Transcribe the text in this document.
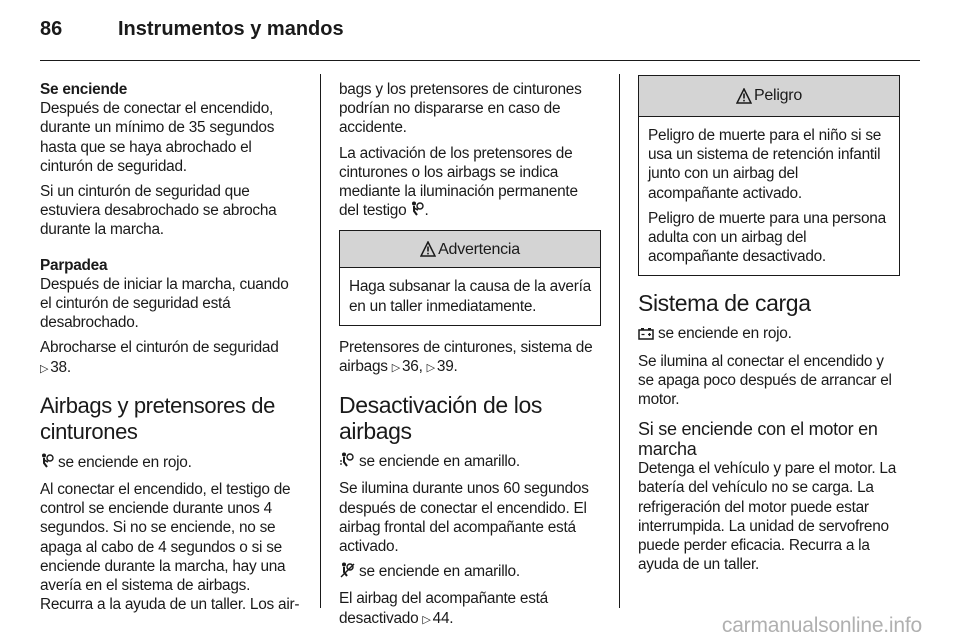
86	Instrumentos y mandos
Se enciende

Después de conectar el encendido, durante un mínimo de 35 segundos hasta que se haya abrochado el cinturón de seguridad.

Si un cinturón de seguridad que estuviera desabrochado se abrocha durante la marcha.

Parpadea

Después de iniciar la marcha, cuando el cinturón de seguridad está desabrochado.

Abrocharse el cinturón de seguridad
▷ 38.

Airbags y pretensores de cinturones

se enciende en rojo.

Al conectar el encendido, el testigo de control se enciende durante unos 4 segundos. Si no se enciende, no se apaga al cabo de 4 segundos o si se enciende durante la marcha, hay una avería en el sistema de airbags. Recurra a la ayuda de un taller. Los air-

bags y los pretensores de cinturones podrían no dispararse en caso de accidente.

La activación de los pretensores de cinturones o los airbags se indica mediante la iluminación permanente del testigo .

Advertencia

Haga subsanar la causa de la avería en un taller inmediatamente.

Pretensores de cinturones, sistema de airbags ▷ 36, ▷ 39.

Desactivación de los airbags

se enciende en amarillo.

Se ilumina durante unos 60 segundos después de conectar el encendido. El airbag frontal del acompañante está activado.

se enciende en amarillo.

El airbag del acompañante está desactivado ▷ 44.

Peligro

Peligro de muerte para el niño si se usa un sistema de retención infantil junto con un airbag del acompañante activado.

Peligro de muerte para una persona adulta con un airbag del acompañante desactivado.

Sistema de carga

se enciende en rojo.

Se ilumina al conectar el encendido y se apaga poco después de arrancar el motor.

Si se enciende con el motor en marcha

Detenga el vehículo y pare el motor. La batería del vehículo no se carga. La refrigeración del motor puede estar interrumpida. La unidad de servofreno puede perder eficacia. Recurra a la ayuda de un taller.

carmanualsonline.info
